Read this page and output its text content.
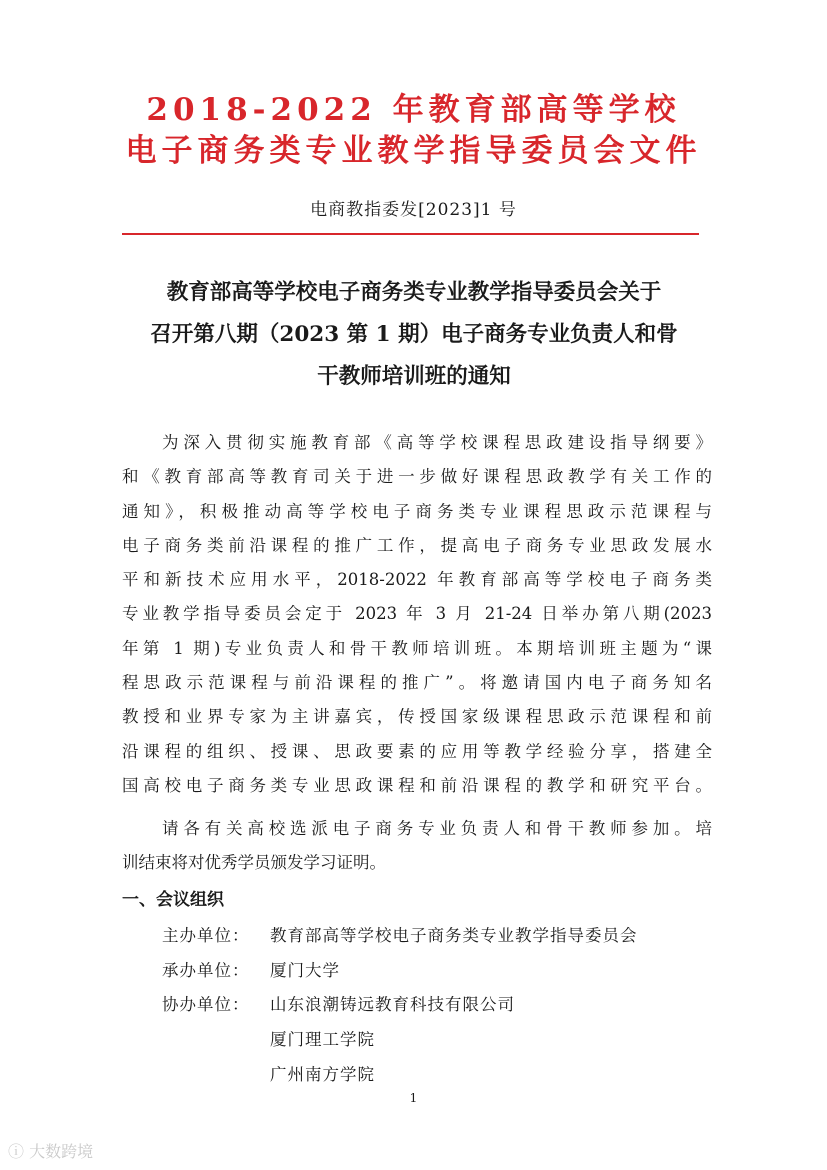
2018-2022 年教育部高等学校
电子商务类专业教学指导委员会文件
电商教指委发[2023]1 号
教育部高等学校电子商务类专业教学指导委员会关于
召开第八期（2023 第 1 期）电子商务专业负责人和骨
干教师培训班的通知
为深入贯彻实施教育部《高等学校课程思政建设指导纲要》
和《教育部高等教育司关于进一步做好课程思政教学有关工作的
通知》，积极推动高等学校电子商务类专业课程思政示范课程与
电子商务类前沿课程的推广工作，提高电子商务专业思政发展水
平和新技术应用水平，2018-2022 年教育部高等学校电子商务类
专业教学指导委员会定于 2023 年 3 月 21-24 日举办第八期(2023
年第 1 期)专业负责人和骨干教师培训班。本期培训班主题为“课
程思政示范课程与前沿课程的推广”。将邀请国内电子商务知名
教授和业界专家为主讲嘉宾，传授国家级课程思政示范课程和前
沿课程的组织、授课、思政要素的应用等教学经验分享，搭建全
国高校电子商务类专业思政课程和前沿课程的教学和研究平台。
请各有关高校选派电子商务专业负责人和骨干教师参加。培
训结束将对优秀学员颁发学习证明。
一、会议组织
主办单位： 教育部高等学校电子商务类专业教学指导委员会
承办单位： 厦门大学
协办单位： 山东浪潮铸远教育科技有限公司
厦门理工学院
广州南方学院
1
ⓘ 大数跨境
